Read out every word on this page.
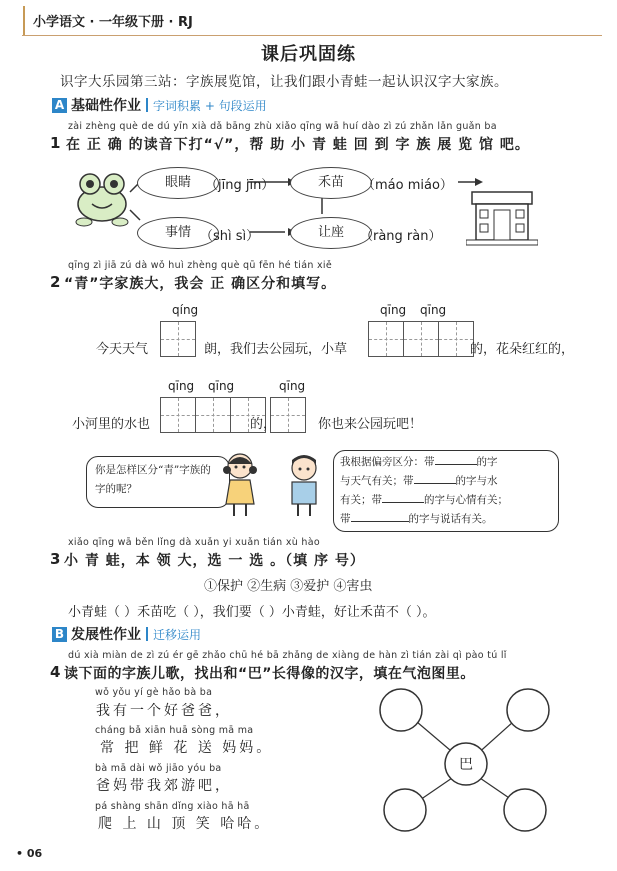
小学语文 · 一年级下册 · RJ
课后巩固练
识字大乐园第三站：字族展览馆，让我们跟小青蛙一起认识汉字大家族。
A 基础性作业 字词积累 + 句段运用
zài zhèng què de dú yīn xià dǎ bāng zhù xiǎo qīng wā huí dào zì zú zhǎn lǎn guǎn ba
1 在 正 确 的读音下打“√”，帮 助 小 青 蛙 回 到 字 族 展 览 馆 吧。
眼睛	（jīng jīn）	禾苗	（máo miáo）
事情 （shì sì）	让座	（ràng ràn）
qīng zì jiā zú dà wǒ huì zhèng què qū fēn hé tián xiě
2 “青”字家族大，我会 正 确区分和填写。
qíng	qīng qīng
今天天气	朗，我们去公园玩，小草	的，花朵红红的，
qīng qīng	qīng
小河里的水也	的，	你也来公园玩吧！
你是怎样区分“青”字族的字的呢？
我根据偏旁区分：带	的字
与天气有关；带	的字与水
有关；带	的字与心情有关；
带	的字与说话有关。
xiǎo qīng wā běn lǐng dà xuǎn yi xuǎn tián xù hào
3 小 青 蛙，本 领 大，选 一 选 。（填 序 号）
①保护 ②生病 ③爱护 ④害虫
小青蛙（ ）禾苗吃（ ），我们要（ ）小青蛙，好让禾苗不（ ）。
B 发展性作业 迁移运用
dú xià miàn de zì zú ér gē zhǎo chū hé bā zhǎng de xiàng de hàn zì tián zài qì pào tú lǐ
4 读下面的字族儿歌，找出和“巴”长得像的汉字，填在气泡图里。
wǒ yǒu yí gè hǎo bà ba
我有一个好爸爸，
cháng bǎ xiān huā sòng mā ma
常 把 鲜 花 送 妈妈。
bà mā dài wǒ jiāo yóu ba
爸妈带我郊游吧，
pá shàng shān dǐng xiào hā hā
爬 上 山 顶 笑 哈哈。
巴
• 06
